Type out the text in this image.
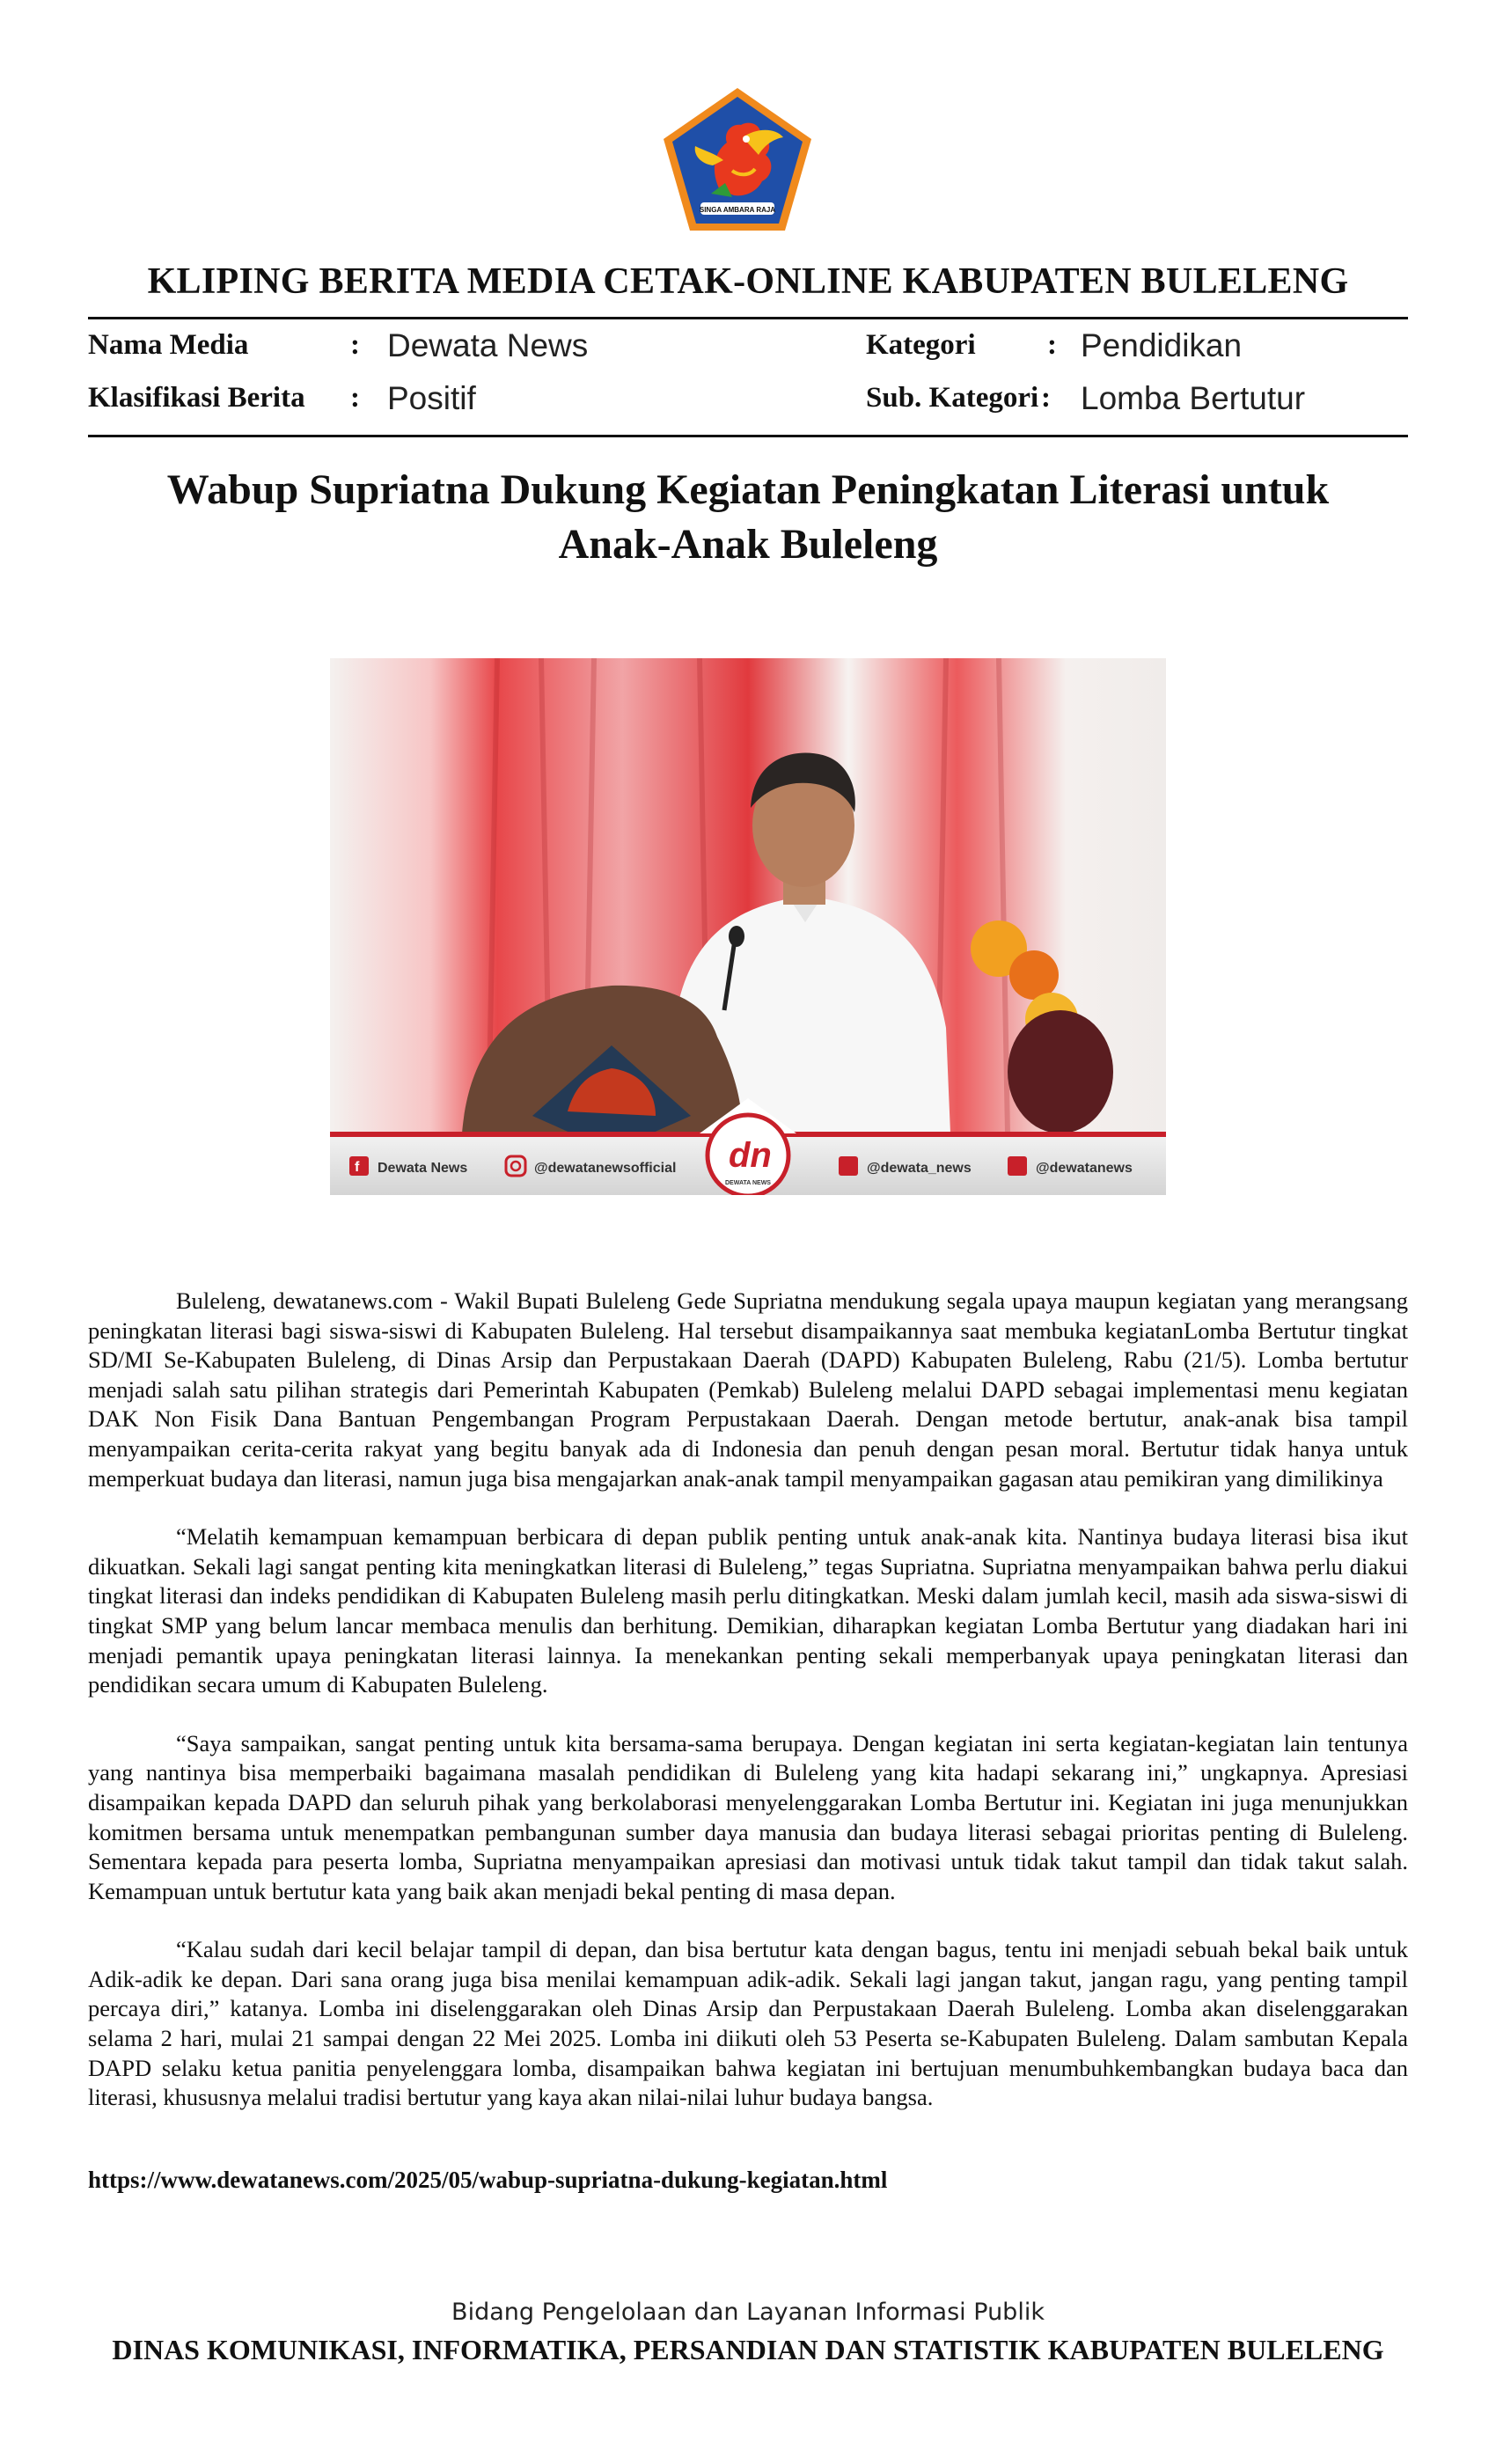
SINGA AMBARA RAJA
KLIPING BERITA MEDIA CETAK-ONLINE KABUPATEN BULELENG
Nama Media	: Dewata News
Klasifikasi Berita : Positif
Kategori : Pendidikan
Sub. Kategori : Lomba Bertutur
Wabup Supriatna Dukung Kegiatan Peningkatan Literasi untuk Anak-Anak Buleleng
f Dewata News	@dewatanewsofficial dn
DEWATA NEWS
@dewata_news	@dewatanews

Buleleng, dewatanews.com - Wakil Bupati Buleleng Gede Supriatna mendukung segala upaya maupun kegiatan yang merangsang peningkatan literasi bagi siswa-siswi di Kabupaten Buleleng. Hal tersebut disampaikannya saat membuka kegiatanLomba Bertutur tingkat SD/MI Se-Kabupaten Buleleng, di Dinas Arsip dan Perpustakaan Daerah (DAPD) Kabupaten Buleleng, Rabu (21/5). Lomba bertutur menjadi salah satu pilihan strategis dari Pemerintah Kabupaten (Pemkab) Buleleng melalui DAPD sebagai implementasi menu kegiatan DAK Non Fisik Dana Bantuan Pengembangan Program Perpustakaan Daerah. Dengan metode bertutur, anak-anak bisa tampil menyampaikan cerita-cerita rakyat yang begitu banyak ada di Indonesia dan penuh dengan pesan moral. Bertutur tidak hanya untuk memperkuat budaya dan literasi, namun juga bisa mengajarkan anak-anak tampil menyampaikan gagasan atau pemikiran yang dimilikinya

“Melatih kemampuan kemampuan berbicara di depan publik penting untuk anak-anak kita. Nantinya budaya literasi bisa ikut dikuatkan. Sekali lagi sangat penting kita meningkatkan literasi di Buleleng,” tegas Supriatna. Supriatna menyampaikan bahwa perlu diakui tingkat literasi dan indeks pendidikan di Kabupaten Buleleng masih perlu ditingkatkan. Meski dalam jumlah kecil, masih ada siswa-siswi di tingkat SMP yang belum lancar membaca menulis dan berhitung. Demikian, diharapkan kegiatan Lomba Bertutur yang diadakan hari ini menjadi pemantik upaya peningkatan literasi lainnya. Ia menekankan penting sekali memperbanyak upaya peningkatan literasi dan pendidikan secara umum di Kabupaten Buleleng.

“Saya sampaikan, sangat penting untuk kita bersama-sama berupaya. Dengan kegiatan ini serta kegiatan-kegiatan lain tentunya yang nantinya bisa memperbaiki bagaimana masalah pendidikan di Buleleng yang kita hadapi sekarang ini,” ungkapnya. Apresiasi disampaikan kepada DAPD dan seluruh pihak yang berkolaborasi menyelenggarakan Lomba Bertutur ini. Kegiatan ini juga menunjukkan komitmen bersama untuk menempatkan pembangunan sumber daya manusia dan budaya literasi sebagai prioritas penting di Buleleng. Sementara kepada para peserta lomba, Supriatna menyampaikan apresiasi dan motivasi untuk tidak takut tampil dan tidak takut salah. Kemampuan untuk bertutur kata yang baik akan menjadi bekal penting di masa depan.

“Kalau sudah dari kecil belajar tampil di depan, dan bisa bertutur kata dengan bagus, tentu ini menjadi sebuah bekal baik untuk Adik-adik ke depan. Dari sana orang juga bisa menilai kemampuan adik-adik. Sekali lagi jangan takut, jangan ragu, yang penting tampil percaya diri,” katanya. Lomba ini diselenggarakan oleh Dinas Arsip dan Perpustakaan Daerah Buleleng. Lomba akan diselenggarakan selama 2 hari, mulai 21 sampai dengan 22 Mei 2025. Lomba ini diikuti oleh 53 Peserta se-Kabupaten Buleleng. Dalam sambutan Kepala DAPD selaku ketua panitia penyelenggara lomba, disampaikan bahwa kegiatan ini bertujuan menumbuhkembangkan budaya baca dan literasi, khususnya melalui tradisi bertutur yang kaya akan nilai-nilai luhur budaya bangsa.

https://www.dewatanews.com/2025/05/wabup-supriatna-dukung-kegiatan.html
Bidang Pengelolaan dan Layanan Informasi Publik
DINAS KOMUNIKASI, INFORMATIKA, PERSANDIAN DAN STATISTIK KABUPATEN BULELENG
